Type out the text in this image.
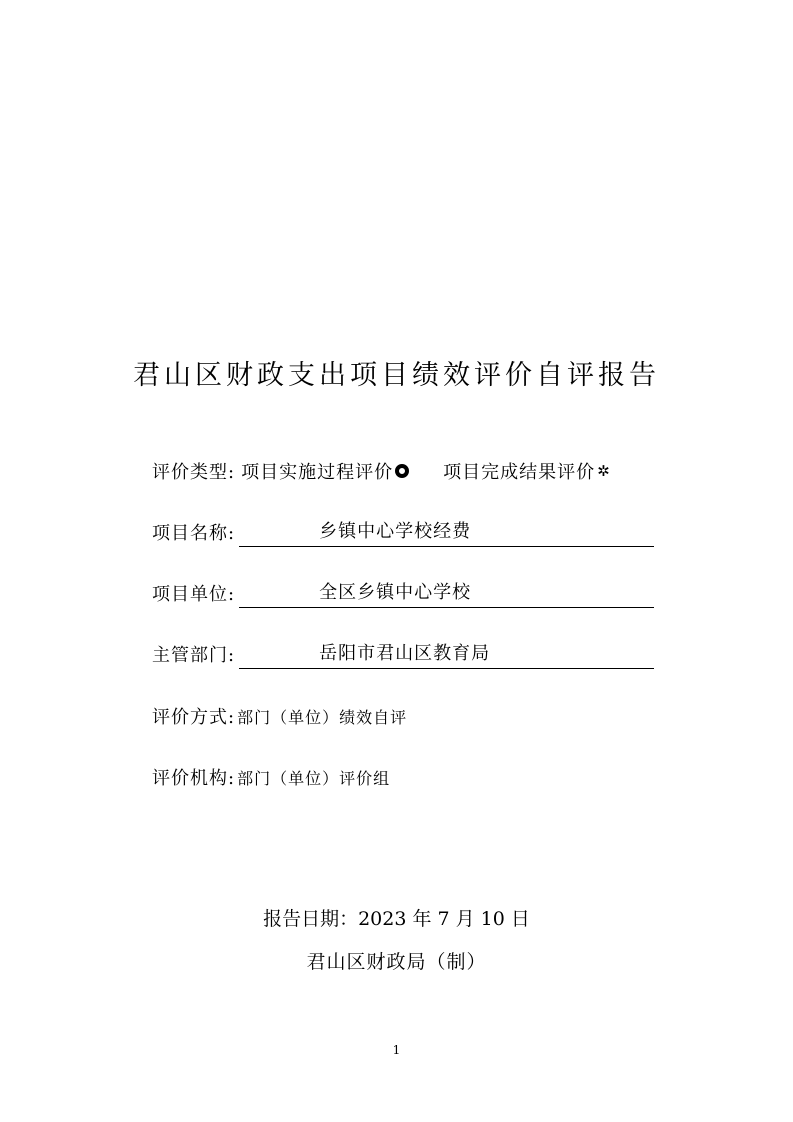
君山区财政支出项目绩效评价自评报告
评价类型: 项目实施过程评价	项目完成结果评价 ✲
项目名称:	乡镇中心学校经费
项目单位:	全区乡镇中心学校
主管部门:	岳阳市君山区教育局
评价方式: 部门（单位）绩效自评
评价机构: 部门（单位）评价组
报告日期：2023 年 7 月 10 日
君山区财政局（制）
1
